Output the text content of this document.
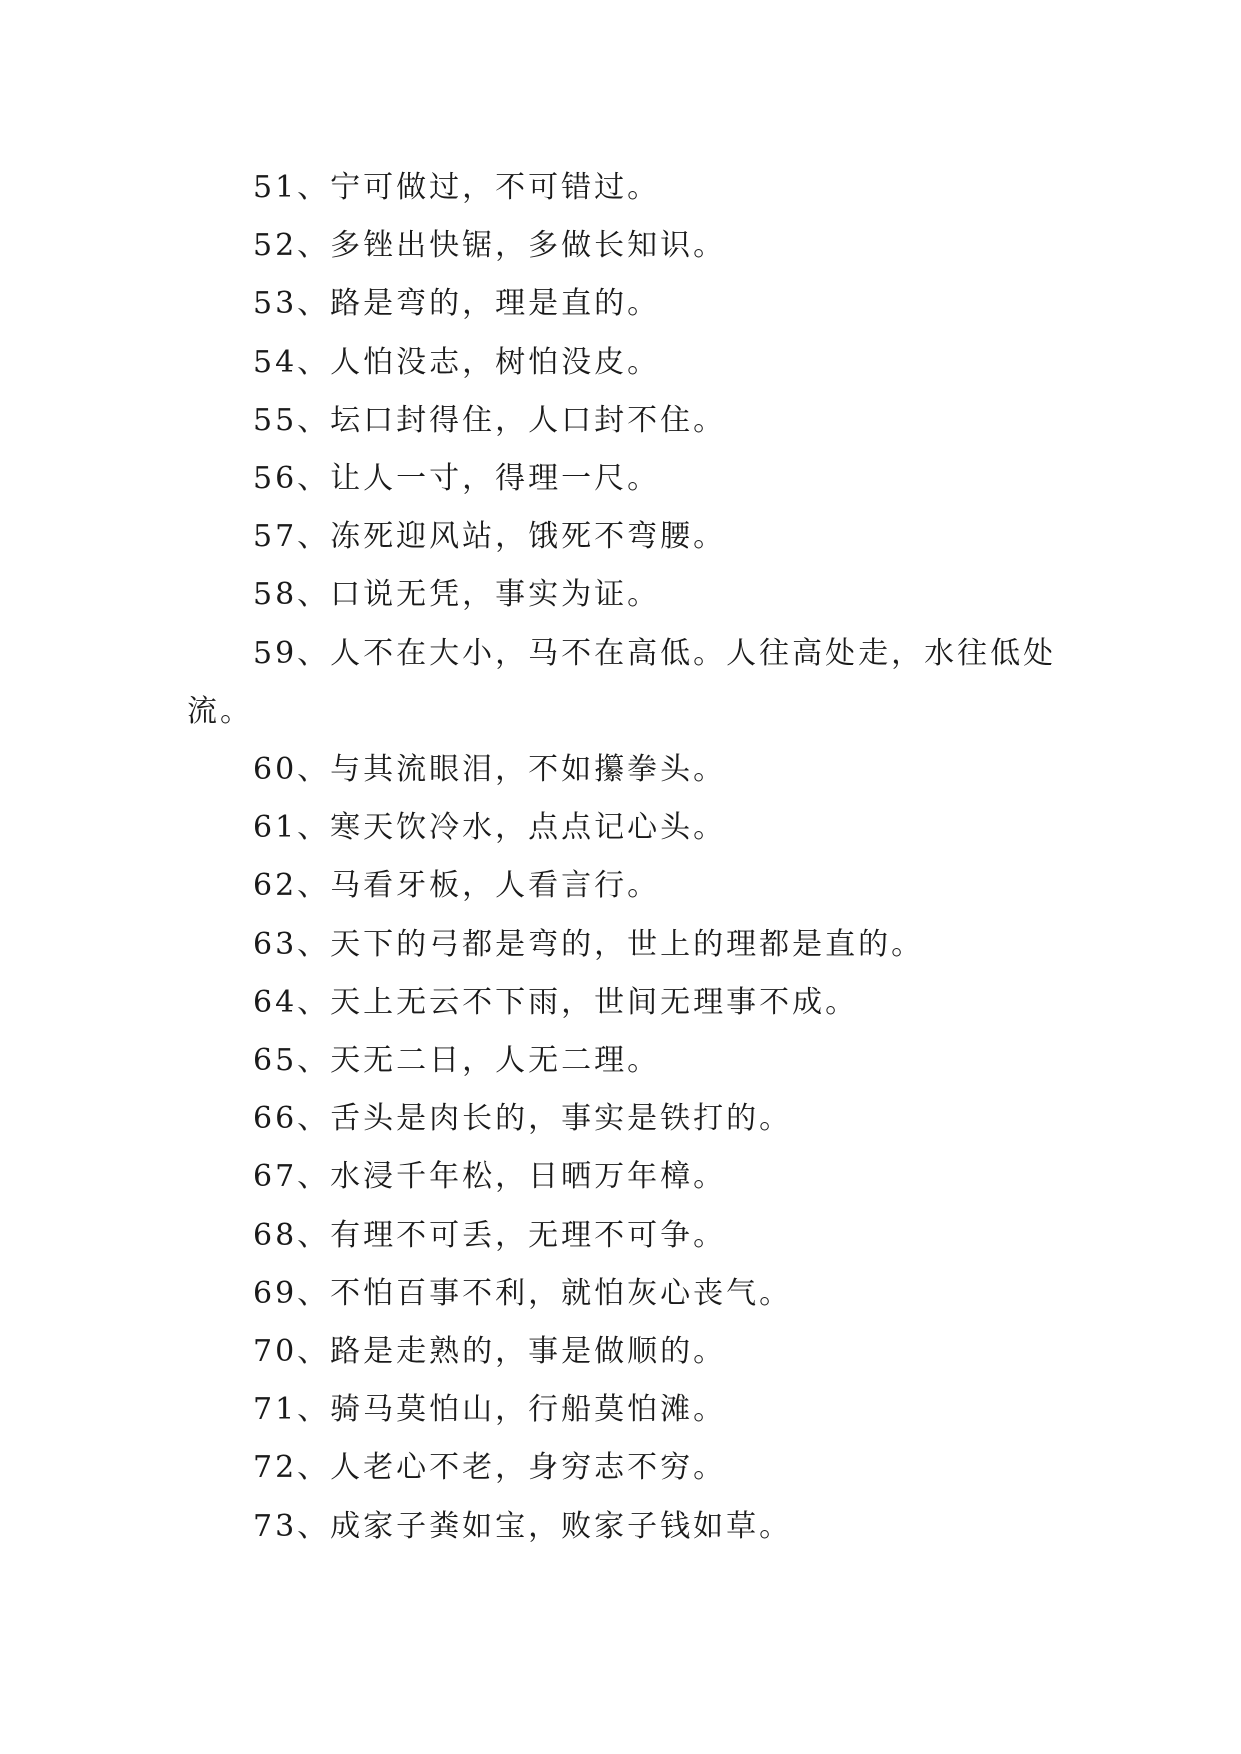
51、宁可做过，不可错过。

52、多锉出快锯，多做长知识。

53、路是弯的，理是直的。

54、人怕没志，树怕没皮。

55、坛口封得住，人口封不住。

56、让人一寸，得理一尺。

57、冻死迎风站，饿死不弯腰。

58、口说无凭，事实为证。

59、人不在大小，马不在高低。人往高处走，水往低处流。

60、与其流眼泪，不如攥拳头。

61、寒天饮冷水，点点记心头。

62、马看牙板，人看言行。

63、天下的弓都是弯的，世上的理都是直的。

64、天上无云不下雨，世间无理事不成。

65、天无二日，人无二理。

66、舌头是肉长的，事实是铁打的。

67、水浸千年松，日晒万年樟。

68、有理不可丢，无理不可争。

69、不怕百事不利，就怕灰心丧气。

70、路是走熟的，事是做顺的。

71、骑马莫怕山，行船莫怕滩。

72、人老心不老，身穷志不穷。

73、成家子粪如宝，败家子钱如草。
